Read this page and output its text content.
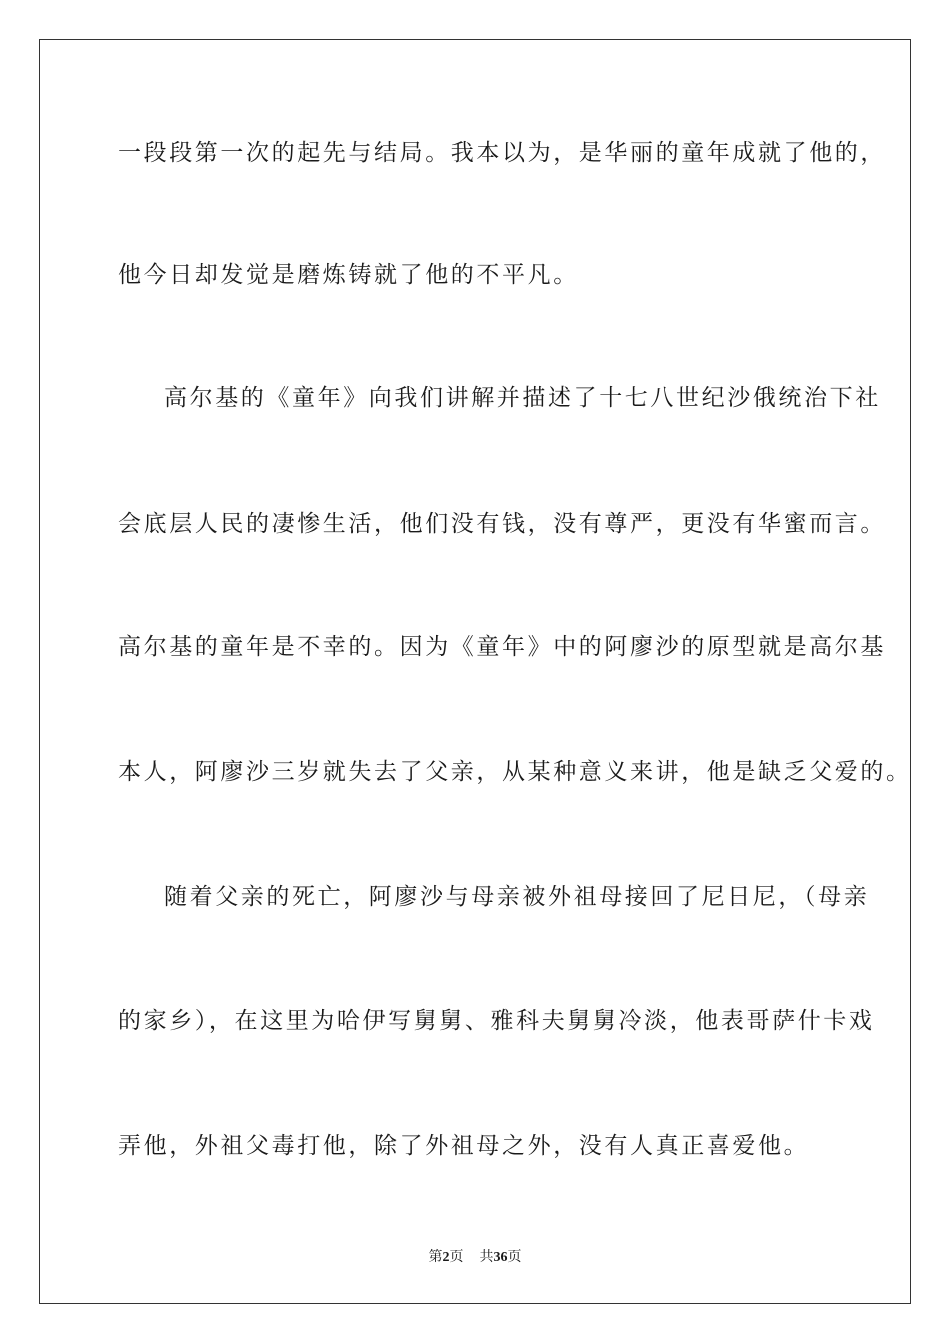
一段段第一次的起先与结局。我本以为，是华丽的童年成就了他的，
他今日却发觉是磨炼铸就了他的不平凡。
高尔基的《童年》向我们讲解并描述了十七八世纪沙俄统治下社
会底层人民的凄惨生活，他们没有钱，没有尊严，更没有华蜜而言。
高尔基的童年是不幸的。因为《童年》中的阿廖沙的原型就是高尔基
本人，阿廖沙三岁就失去了父亲，从某种意义来讲，他是缺乏父爱的。
随着父亲的死亡，阿廖沙与母亲被外祖母接回了尼日尼，（母亲
的家乡），在这里为哈伊写舅舅、雅科夫舅舅冷淡，他表哥萨什卡戏
弄他，外祖父毒打他，除了外祖母之外，没有人真正喜爱他。
第2页 共36页
